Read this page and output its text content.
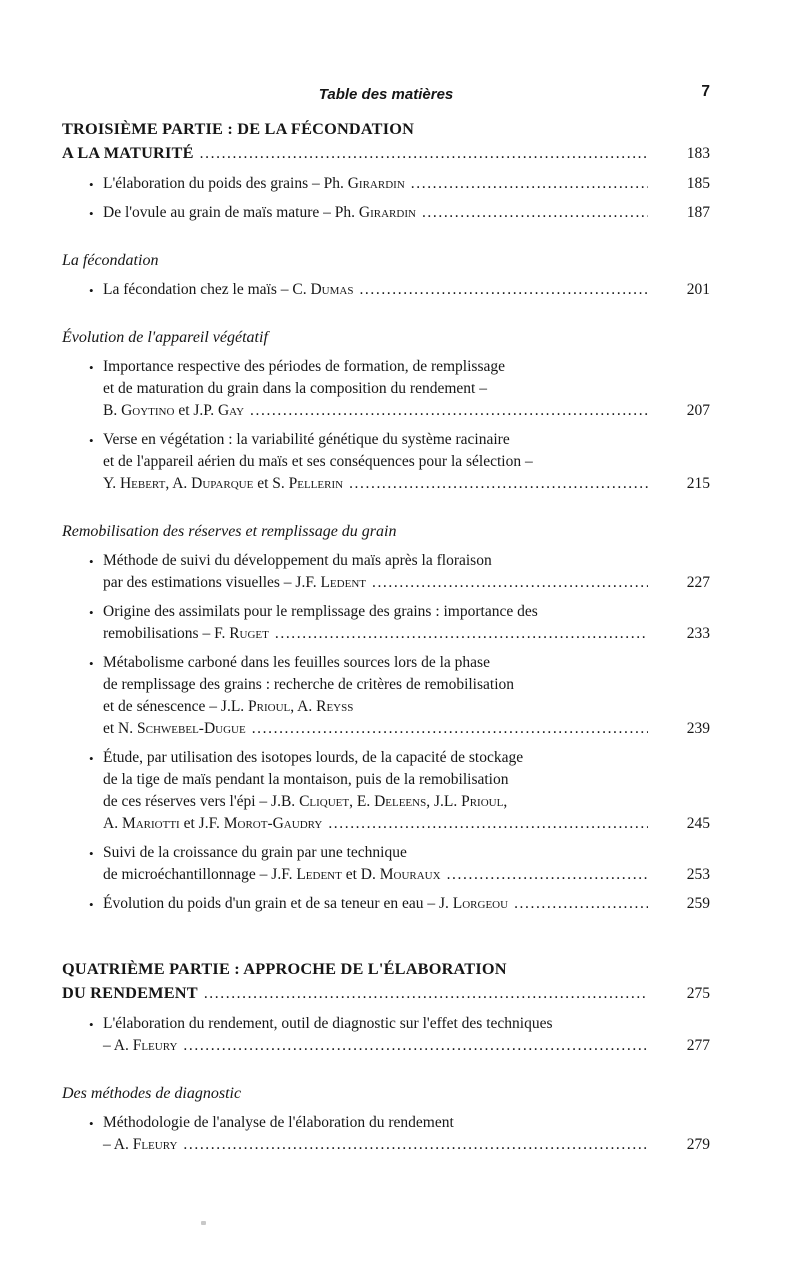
Table des matières	7
TROISIÈME PARTIE : DE LA FÉCONDATION
A LA MATURITÉ .....	183
• L'élaboration du poids des grains – Ph. Girardin .....	185
• De l'ovule au grain de maïs mature – Ph. Girardin .....	187
La fécondation
• La fécondation chez le maïs – C. Dumas .....	201
Évolution de l'appareil végétatif
• Importance respective des périodes de formation, de remplissage
et de maturation du grain dans la composition du rendement –
B. Goytino et J.P. Gay .....	207
• Verse en végétation : la variabilité génétique du système racinaire
et de l'appareil aérien du maïs et ses conséquences pour la sélection –
Y. Hebert, A. Duparque et S. Pellerin .....	215
Remobilisation des réserves et remplissage du grain
• Méthode de suivi du développement du maïs après la floraison
par des estimations visuelles – J.F. Ledent .....	227
• Origine des assimilats pour le remplissage des grains : importance des
remobilisations – F. Ruget .....	233
• Métabolisme carboné dans les feuilles sources lors de la phase
de remplissage des grains : recherche de critères de remobilisation
et de sénescence – J.L. Prioul, A. Reyss
et N. Schwebel-Dugue .....	239
• Étude, par utilisation des isotopes lourds, de la capacité de stockage
de la tige de maïs pendant la montaison, puis de la remobilisation
de ces réserves vers l'épi – J.B. Cliquet, E. Deleens, J.L. Prioul,
A. Mariotti et J.F. Morot-Gaudry .....	245
• Suivi de la croissance du grain par une technique
de microéchantillonnage – J.F. Ledent et D. Mouraux .....	253
• Évolution du poids d'un grain et de sa teneur en eau – J. Lorgeou .....	259
QUATRIÈME PARTIE : APPROCHE DE L'ÉLABORATION
DU RENDEMENT .....	275
• L'élaboration du rendement, outil de diagnostic sur l'effet des techniques
– A. Fleury .....	277
Des méthodes de diagnostic
• Méthodologie de l'analyse de l'élaboration du rendement
– A. Fleury .....	279
